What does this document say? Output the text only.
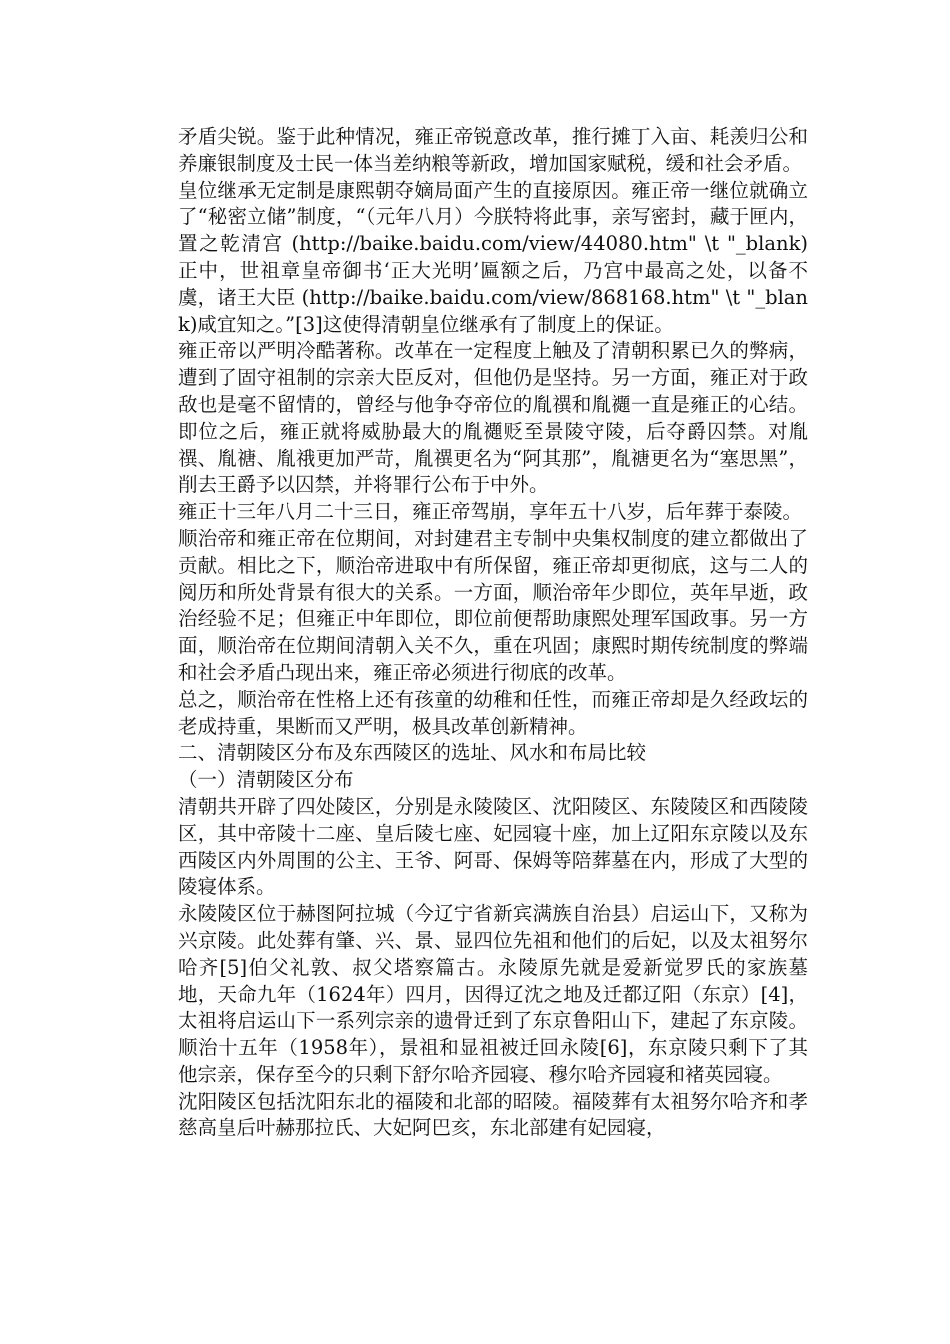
矛盾尖锐。鉴于此种情况，雍正帝锐意改革，推行摊丁入亩、耗羡归公和养廉银制度及士民一体当差纳粮等新政，增加国家赋税，缓和社会矛盾。

皇位继承无定制是康熙朝夺嫡局面产生的直接原因。雍正帝一继位就确立了“秘密立储”制度，“（元年八月）今朕特将此事，亲写密封，藏于匣内，置之乾清宫 (http://baike.baidu.com/view/44080.htm" \t "_blank)正中，世祖章皇帝御书‘正大光明’匾额之后，乃宫中最高之处，以备不虞，诸王大臣 (http://baike.baidu.com/view/868168.htm" \t "_blank)咸宜知之。”[3]这使得清朝皇位继承有了制度上的保证。

雍正帝以严明冷酷著称。改革在一定程度上触及了清朝积累已久的弊病，遭到了固守祖制的宗亲大臣反对，但他仍是坚持。另一方面，雍正对于政敌也是毫不留情的，曾经与他争夺帝位的胤禩和胤禵一直是雍正的心结。即位之后，雍正就将威胁最大的胤禵贬至景陵守陵，后夺爵囚禁。对胤禩、胤禟、胤䄉更加严苛，胤禩更名为“阿其那”，胤禟更名为“塞思黑”，削去王爵予以囚禁，并将罪行公布于中外。

雍正十三年八月二十三日，雍正帝驾崩，享年五十八岁，后年葬于泰陵。

顺治帝和雍正帝在位期间，对封建君主专制中央集权制度的建立都做出了贡献。相比之下，顺治帝进取中有所保留，雍正帝却更彻底，这与二人的阅历和所处背景有很大的关系。一方面，顺治帝年少即位，英年早逝，政治经验不足；但雍正中年即位，即位前便帮助康熙处理军国政事。另一方面，顺治帝在位期间清朝入关不久，重在巩固；康熙时期传统制度的弊端和社会矛盾凸现出来，雍正帝必须进行彻底的改革。

总之，顺治帝在性格上还有孩童的幼稚和任性，而雍正帝却是久经政坛的老成持重，果断而又严明，极具改革创新精神。

二、清朝陵区分布及东西陵区的选址、风水和布局比较

（一）清朝陵区分布

清朝共开辟了四处陵区，分别是永陵陵区、沈阳陵区、东陵陵区和西陵陵区，其中帝陵十二座、皇后陵七座、妃园寝十座，加上辽阳东京陵以及东西陵区内外周围的公主、王爷、阿哥、保姆等陪葬墓在内，形成了大型的陵寝体系。

永陵陵区位于赫图阿拉城（今辽宁省新宾满族自治县）启运山下，又称为兴京陵。此处葬有肇、兴、景、显四位先祖和他们的后妃，以及太祖努尔哈齐[5]伯父礼敦、叔父塔察篇古。永陵原先就是爱新觉罗氏的家族墓地，天命九年（1624年）四月，因得辽沈之地及迁都辽阳（东京）[4]，太祖将启运山下一系列宗亲的遗骨迁到了东京鲁阳山下，建起了东京陵。顺治十五年（1958年），景祖和显祖被迁回永陵[6]，东京陵只剩下了其他宗亲，保存至今的只剩下舒尔哈齐园寝、穆尔哈齐园寝和褚英园寝。

沈阳陵区包括沈阳东北的福陵和北部的昭陵。福陵葬有太祖努尔哈齐和孝慈高皇后叶赫那拉氏、大妃阿巴亥，东北部建有妃园寝，
